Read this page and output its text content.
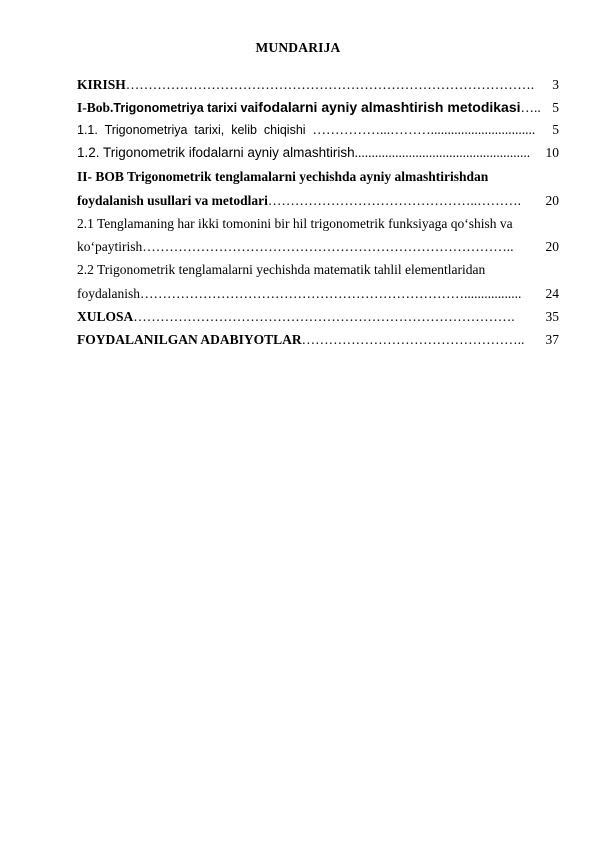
MUNDARIJA
KIRISH ……………………………………………………………………………….	3
I-Bob. Trigonometriya tarixi va ifodalarni ayniy almashtirish metodikasi ….. 5
1.1.  Trigonometriya  tarixi,  kelib  chiqishi ……………...………...............................	5
1.2. Trigonometrik ifodalarni ayniy almashtirish ....................................................	10
II- BOB Trigonometrik tenglamalarni yechishda ayniy almashtirishdan
foydalanish usullari va metodlari ………………………………………..……….	20
2.1 Tenglamaning har ikki tomonini bir hil trigonometrik funksiyaga qo‘shish va
ko‘paytirish ………………………………………………………………………..	20
2.2 Trigonometrik tenglamalarni yechishda matematik tahlil elementlaridan
foydalanish ……………………………………………………………….................	24
XULOSA ………………………………………………………………………….	35
FOYDALANILGAN ADABIYOTLAR …………………………………………..	37
